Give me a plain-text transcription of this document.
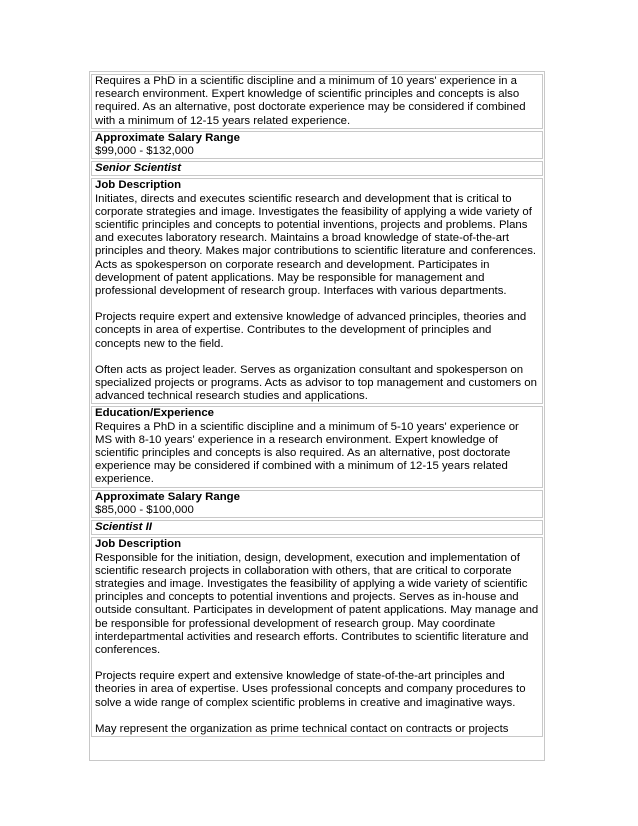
Requires a PhD in a scientific discipline and a minimum of 10 years' experience in a research environment. Expert knowledge of scientific principles and concepts is also required. As an alternative, post doctorate experience may be considered if combined with a minimum of 12-15 years related experience.

Approximate Salary Range
$99,000 - $132,000
Senior Scientist
Job Description

Initiates, directs and executes scientific research and development that is critical to corporate strategies and image. Investigates the feasibility of applying a wide variety of scientific principles and concepts to potential inventions, projects and problems. Plans and executes laboratory research. Maintains a broad knowledge of state-of-the-art principles and theory. Makes major contributions to scientific literature and conferences. Acts as spokesperson on corporate research and development. Participates in development of patent applications. May be responsible for management and professional development of research group. Interfaces with various departments.

Projects require expert and extensive knowledge of advanced principles, theories and concepts in area of expertise. Contributes to the development of principles and concepts new to the field.

Often acts as project leader. Serves as organization consultant and spokesperson on specialized projects or programs. Acts as advisor to top management and customers on advanced technical research studies and applications.

Education/Experience

Requires a PhD in a scientific discipline and a minimum of 5-10 years' experience or MS with 8-10 years' experience in a research environment. Expert knowledge of scientific principles and concepts is also required. As an alternative, post doctorate experience may be considered if combined with a minimum of 12-15 years related experience.

Approximate Salary Range
$85,000 - $100,000
Scientist II
Job Description

Responsible for the initiation, design, development, execution and implementation of scientific research projects in collaboration with others, that are critical to corporate strategies and image. Investigates the feasibility of applying a wide variety of scientific principles and concepts to potential inventions and projects. Serves as in-house and outside consultant. Participates in development of patent applications. May manage and be responsible for professional development of research group. May coordinate interdepartmental activities and research efforts. Contributes to scientific literature and conferences.

Projects require expert and extensive knowledge of state-of-the-art principles and theories in area of expertise. Uses professional concepts and company procedures to solve a wide range of complex scientific problems in creative and imaginative ways.

May represent the organization as prime technical contact on contracts or projects
